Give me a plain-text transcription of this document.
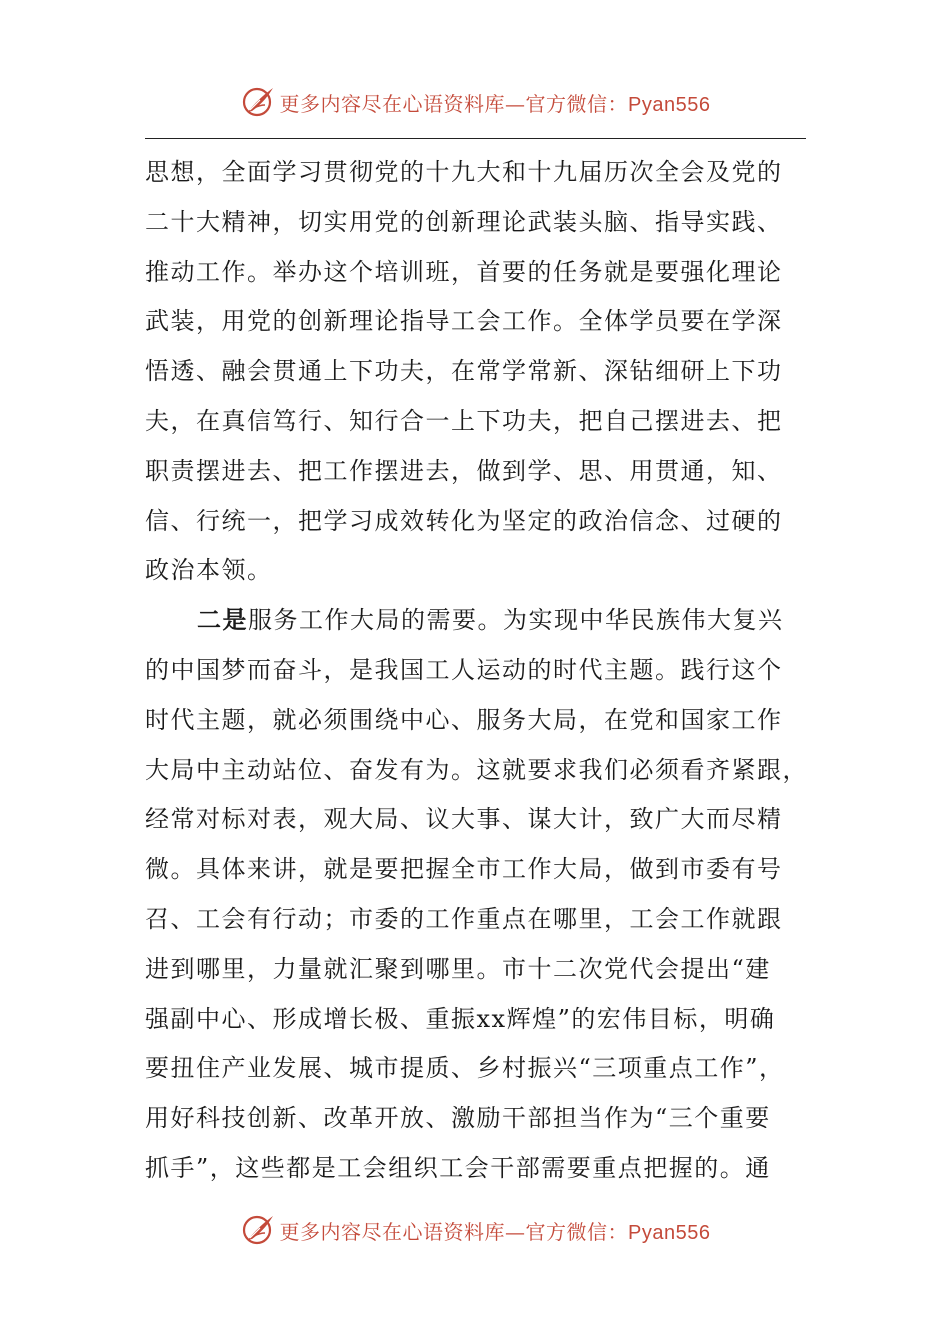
更多内容尽在心语资料库—官方微信：Pyan556
思想，全面学习贯彻党的十九大和十九届历次全会及党的
二十大精神，切实用党的创新理论武装头脑、指导实践、
推动工作。举办这个培训班，首要的任务就是要强化理论
武装，用党的创新理论指导工会工作。全体学员要在学深
悟透、融会贯通上下功夫，在常学常新、深钻细研上下功
夫，在真信笃行、知行合一上下功夫，把自己摆进去、把
职责摆进去、把工作摆进去，做到学、思、用贯通，知、
信、行统一，把学习成效转化为坚定的政治信念、过硬的
政治本领。
二是服务工作大局的需要。为实现中华民族伟大复兴
的中国梦而奋斗，是我国工人运动的时代主题。践行这个
时代主题，就必须围绕中心、服务大局，在党和国家工作
大局中主动站位、奋发有为。这就要求我们必须看齐紧跟，
经常对标对表，观大局、议大事、谋大计，致广大而尽精
微。具体来讲，就是要把握全市工作大局，做到市委有号
召、工会有行动；市委的工作重点在哪里，工会工作就跟
进到哪里，力量就汇聚到哪里。市十二次党代会提出“建
强副中心、形成增长极、重振xx辉煌”的宏伟目标，明确
要扭住产业发展、城市提质、乡村振兴“三项重点工作”，
用好科技创新、改革开放、激励干部担当作为“三个重要
抓手”，这些都是工会组织工会干部需要重点把握的。通
更多内容尽在心语资料库—官方微信：Pyan556
